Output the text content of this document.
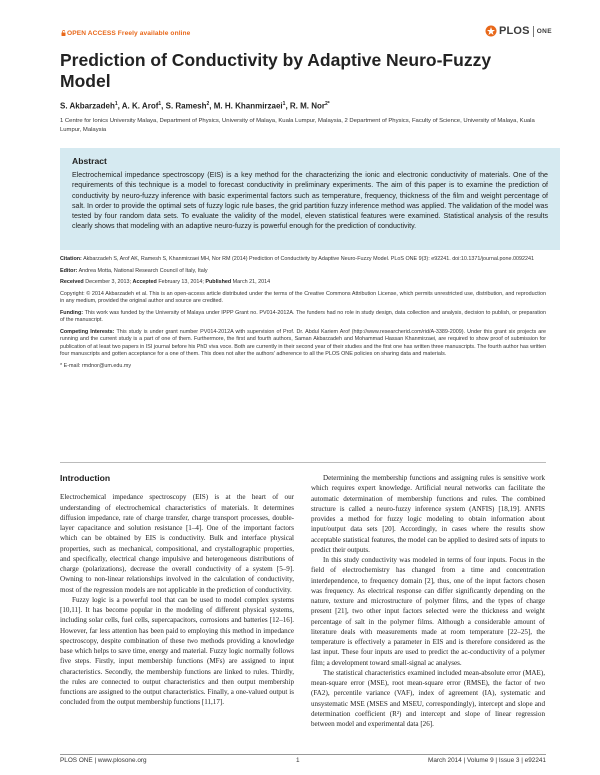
OPEN ACCESS Freely available online	PLOS ONE
Prediction of Conductivity by Adaptive Neuro-Fuzzy Model
S. Akbarzadeh$^1$, A. K. Arof$^1$, S. Ramesh$^2$, M. H. Khanmirzaei$^1$, R. M. Nor$^{2*}$
1 Centre for Ionics University Malaya, Department of Physics, University of Malaya, Kuala Lumpur, Malaysia, 2 Department of Physics, Faculty of Science, University of Malaya, Kuala Lumpur, Malaysia
Abstract

Electrochemical impedance spectroscopy (EIS) is a key method for the characterizing the ionic and electronic conductivity of materials. One of the requirements of this technique is a model to forecast conductivity in preliminary experiments. The aim of this paper is to examine the prediction of conductivity by neuro-fuzzy inference with basic experimental factors such as temperature, frequency, thickness of the film and weight percentage of salt. In order to provide the optimal sets of fuzzy logic rule bases, the grid partition fuzzy inference method was applied. The validation of the model was tested by four random data sets. To evaluate the validity of the model, eleven statistical features were examined. Statistical analysis of the results clearly shows that modeling with an adaptive neuro-fuzzy is powerful enough for the prediction of conductivity.

Citation: Akbarzadeh S, Arof AK, Ramesh S, Khanmirzaei MH, Nor RM (2014) Prediction of Conductivity by Adaptive Neuro-Fuzzy Model. PLoS ONE 9(3): e92241. doi:10.1371/journal.pone.0092241

Editor: Andrea Motta, National Research Council of Italy, Italy

Received December 3, 2013; Accepted February 13, 2014; Published March 21, 2014

Copyright: © 2014 Akbarzadeh et al. This is an open-access article distributed under the terms of the Creative Commons Attribution License, which permits unrestricted use, distribution, and reproduction in any medium, provided the original author and source are credited.

Funding: This work was funded by the University of Malaya under IPPP Grant no. PV014-2012A. The funders had no role in study design, data collection and analysis, decision to publish, or preparation of the manuscript.

Competing Interests: This study is under grant number PV014-2012A with supervision of Prof. Dr. Abdul Kariem Arof (http://www.researcherid.com/rid/A-3389-2009). Under this grant six projects are running and the current study is a part of one of them. Furthermore, the first and fourth authors, Saman Akbarzadeh and Mohammad Hassan Khanmirzaei, are required to show proof of submission for publication of at least two papers in ISI journal before his PhD viva voce. Both are currently in their second year of their studies and the first one has written three manuscripts. The fourth author has written four manuscripts and gotten acceptance for a one of them. This does not alter the authors' adherence to all the PLOS ONE policies on sharing data and materials.

* E-mail: rmdnor@um.edu.my

Introduction

Electrochemical impedance spectroscopy (EIS) is at the heart of our understanding of electrochemical characteristics of materials. It determines diffusion impedance, rate of charge transfer, charge transport processes, double-layer capacitance and solution resistance [1–4]. One of the important factors which can be obtained by EIS is conductivity. Bulk and interface physical properties, such as mechanical, compositional, and crystallographic properties, and specifically, electrical change impulsive and heterogeneous distributions of charge (polarizations), decrease the overall conductivity of a system [5–9]. Owning to non-linear relationships involved in the calculation of conductivity, most of the regression models are not applicable in the prediction of conductivity.

Fuzzy logic is a powerful tool that can be used to model complex systems [10,11]. It has become popular in the modeling of different physical systems, including solar cells, fuel cells, supercapacitors, corrosions and batteries [12–16]. However, far less attention has been paid to employing this method in impedance spectroscopy, despite combination of these two methods providing a knowledge base which helps to save time, energy and material. Fuzzy logic normally follows five steps. Firstly, input membership functions (MFs) are assigned to input characteristics. Secondly, the membership functions are linked to rules. Thirdly, the rules are connected to output characteristics and then output membership functions are assigned to the output characteristics. Finally, a one-valued output is concluded from the output membership functions [11,17].

Determining the membership functions and assigning rules is sensitive work which requires expert knowledge. Artificial neural networks can facilitate the automatic determination of membership functions and rules. The combined structure is called a neuro-fuzzy inference system (ANFIS) [18,19]. ANFIS provides a method for fuzzy logic modeling to obtain information about input/output data sets [20]. Accordingly, in cases where the results show acceptable statistical features, the model can be applied to desired sets of inputs to predict their outputs.

In this study conductivity was modeled in terms of four inputs. Focus in the field of electrochemistry has changed from a time and concentration interdependence, to frequency domain [2], thus, one of the input factors chosen was frequency. As electrical response can differ significantly depending on the nature, texture and microstructure of polymer films, and the types of charge present [21], two other input factors selected were the thickness and weight percentage of salt in the polymer films. Although a considerable amount of literature deals with measurements made at room temperature [22–25], the temperature is effectively a parameter in EIS and is therefore considered as the last input. These four inputs are used to predict the ac-conductivity of a polymer film; a development toward small-signal ac analyses.

The statistical characteristics examined included mean-absolute error (MAE), mean-square error (MSE), root mean-square error (RMSE), the factor of two (FA2), percentile variance (VAF), index of agreement (IA), systematic and unsystematic MSE (MSES and MSEU, correspondingly), intercept and slope and determination coefficient (R²) and intercept and slope of linear regression between model and experimental data [26].

PLOS ONE | www.plosone.org	1	March 2014 | Volume 9 | Issue 3 | e92241
